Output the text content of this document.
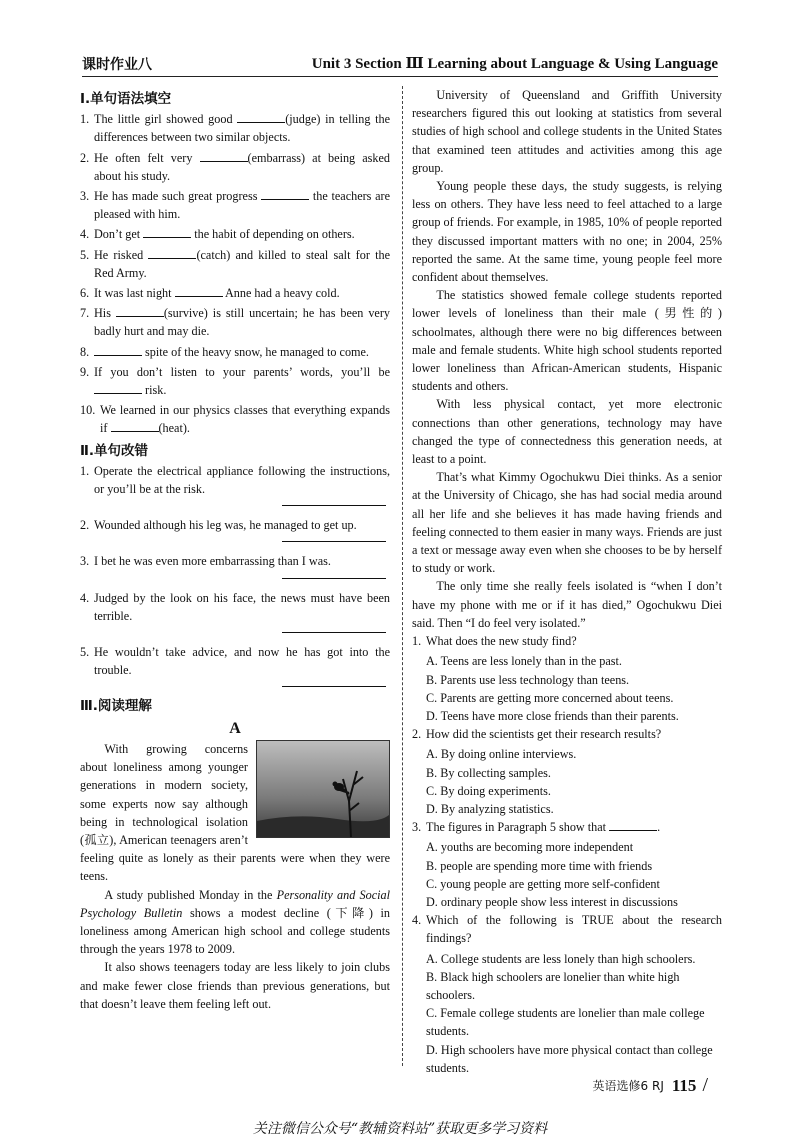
课时作业八	Unit 3 Section Ⅲ Learning about Language & Using Language
Ⅰ.单句语法填空
1. The little girl showed good	(judge) in telling the differences between two similar objects.
2. He often felt very	(embarrass) at being asked about his study.
3. He has made such great progress	the teachers are pleased with him.
4. Don’t get	the habit of depending on others.
5. He risked	(catch) and killed to steal salt for the Red Army.
6. It was last night	Anne had a heavy cold.
7. His	(survive) is still uncertain; he has been very badly hurt and may die.
8.	spite of the heavy snow, he managed to come.
9. If you don’t listen to your parents’ words, you’ll be  risk.
10. We learned in our physics classes that everything expands if	(heat).
Ⅱ.单句改错
1. Operate the electrical appliance following the instructions, or you’ll be at the risk.
2. Wounded although his leg was, he managed to get up.
3. I bet he was even more embarrassing than I was.
4. Judged by the look on his face, the news must have been terrible.
5. He wouldn’t take advice, and now he has got into the trouble.
Ⅲ.阅读理解
A

With growing concerns about loneliness among younger generations in modern society, some experts now say although being in technological isolation (孤立), American teenagers aren’t feeling quite as lonely as their parents were when they were teens.

A study published Monday in the Personality and Social Psychology Bulletin shows a modest decline (下降) in loneliness among American high school and college students through the years 1978 to 2009.

It also shows teenagers today are less likely to join clubs and make fewer close friends than previous generations, but that doesn’t leave them feeling left out.

University of Queensland and Griffith University researchers figured this out looking at statistics from several studies of high school and college students in the United States that examined teen attitudes and activities among this age group.

Young people these days, the study suggests, is relying less on others. They have less need to feel attached to a large group of friends. For example, in 1985, 10% of people reported they discussed important matters with no one; in 2004, 25% reported the same. At the same time, young people feel more confident about themselves.

The statistics showed female college students reported lower levels of loneliness than their male (男性的) schoolmates, although there were no big differences between male and female students. White high school students reported lower loneliness than African-American students, Hispanic students and others.

With less physical contact, yet more electronic connections than other generations, technology may have changed the type of connectedness this generation needs, at least to a point.

That’s what Kimmy Ogochukwu Diei thinks. As a senior at the University of Chicago, she has had social media around all her life and she believes it has made having friends and feeling connected to them easier in many ways. Friends are just a text or message away even when she chooses to be by herself to study or work.

The only time she really feels isolated is “when I don’t have my phone with me or if it has died,” Ogochukwu Diei said. Then “I do feel very isolated.”

1. What does the new study find?
A. Teens are less lonely than in the past.
B. Parents use less technology than teens.
C. Parents are getting more concerned about teens.
D. Teens have more close friends than their parents.
2. How did the scientists get their research results?
A. By doing online interviews.
B. By collecting samples.
C. By doing experiments.
D. By analyzing statistics.
3. The figures in Paragraph 5 show that	.
A. youths are becoming more independent
B. people are spending more time with friends
C. young people are getting more self-confident
D. ordinary people show less interest in discussions
4. Which of the following is TRUE about the research findings?
A. College students are less lonely than high schoolers.
B. Black high schoolers are lonelier than white high schoolers.
C. Female college students are lonelier than male college students.
D. High schoolers have more physical contact than college students.
英语选修6 RJ 115 /
关注微信公众号“教辅资料站”获取更多学习资料
